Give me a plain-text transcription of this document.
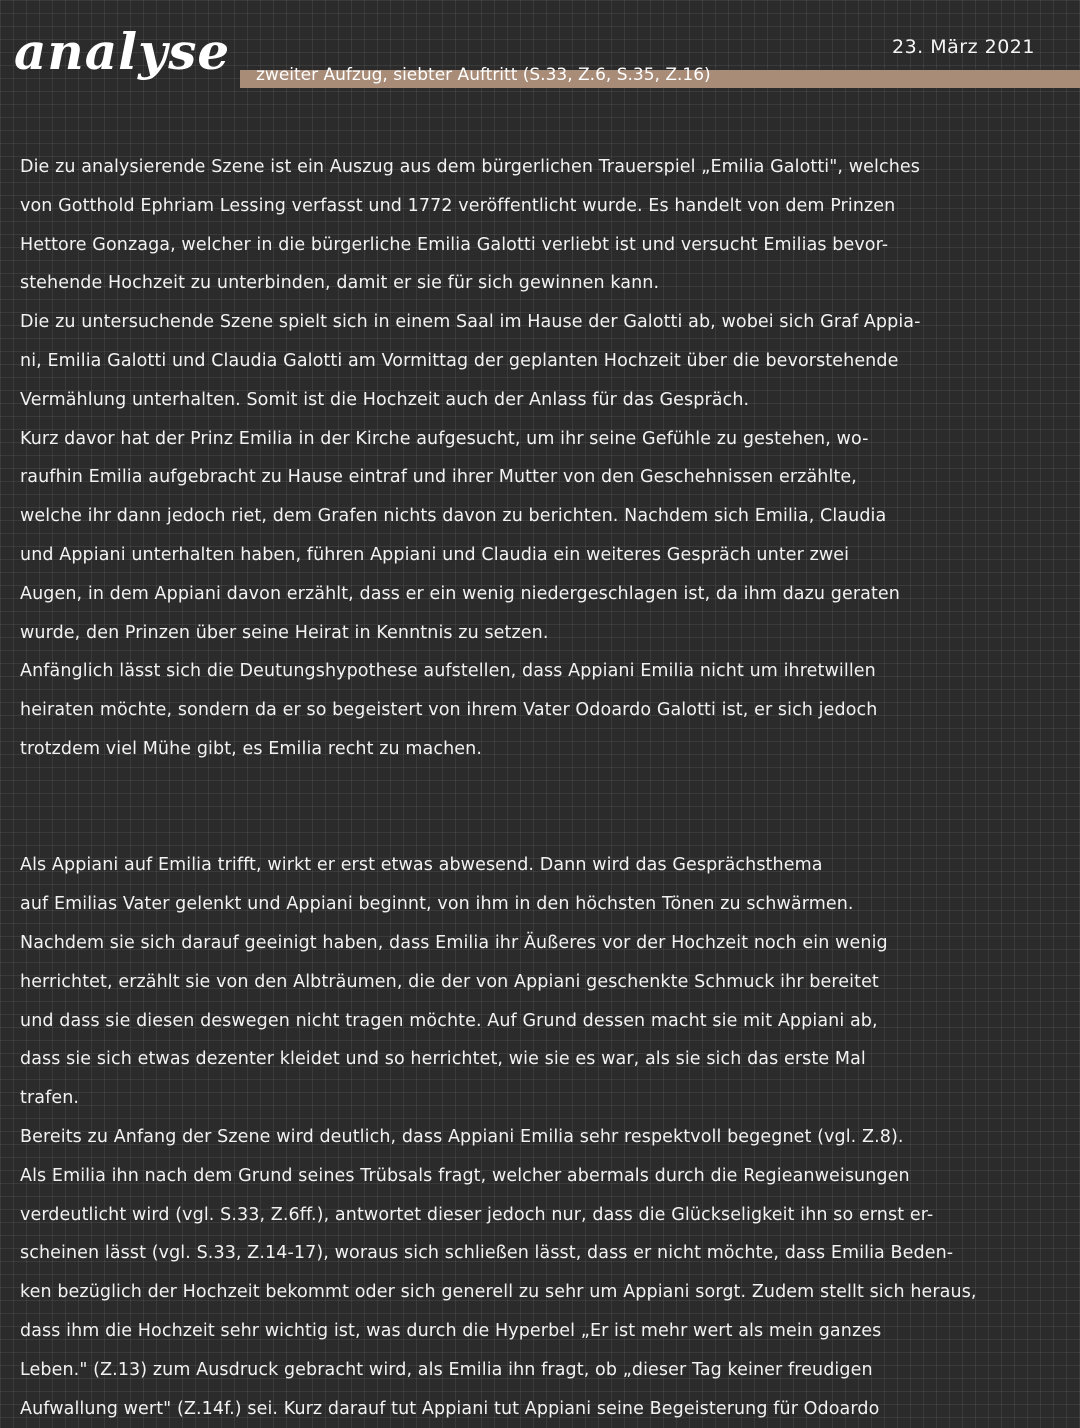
analyse zweiter Aufzug, siebter Auftritt (S.33, Z.6, S.35, Z.16)
23. März 2021
Die zu analysierende Szene ist ein Auszug aus dem bürgerlichen Trauerspiel „Emilia Galotti", welches
von Gotthold Ephriam Lessing verfasst und 1772 veröffentlicht wurde. Es handelt von dem Prinzen
Hettore Gonzaga, welcher in die bürgerliche Emilia Galotti verliebt ist und versucht Emilias bevor-
stehende Hochzeit zu unterbinden, damit er sie für sich gewinnen kann.
Die zu untersuchende Szene spielt sich in einem Saal im Hause der Galotti ab, wobei sich Graf Appia-
ni, Emilia Galotti und Claudia Galotti am Vormittag der geplanten Hochzeit über die bevorstehende
Vermählung unterhalten. Somit ist die Hochzeit auch der Anlass für das Gespräch.
Kurz davor hat der Prinz Emilia in der Kirche aufgesucht, um ihr seine Gefühle zu gestehen, wo-
raufhin Emilia aufgebracht zu Hause eintraf und ihrer Mutter von den Geschehnissen erzählte,
welche ihr dann jedoch riet, dem Grafen nichts davon zu berichten. Nachdem sich Emilia, Claudia
und Appiani unterhalten haben, führen Appiani und Claudia ein weiteres Gespräch unter zwei
Augen, in dem Appiani davon erzählt, dass er ein wenig niedergeschlagen ist, da ihm dazu geraten
wurde, den Prinzen über seine Heirat in Kenntnis zu setzen.
Anfänglich lässt sich die Deutungshypothese aufstellen, dass Appiani Emilia nicht um ihretwillen
heiraten möchte, sondern da er so begeistert von ihrem Vater Odoardo Galotti ist, er sich jedoch
trotzdem viel Mühe gibt, es Emilia recht zu machen.
Als Appiani auf Emilia trifft, wirkt er erst etwas abwesend. Dann wird das Gesprächsthema
auf Emilias Vater gelenkt und Appiani beginnt, von ihm in den höchsten Tönen zu schwärmen.
Nachdem sie sich darauf geeinigt haben, dass Emilia ihr Äußeres vor der Hochzeit noch ein wenig
herrichtet, erzählt sie von den Albträumen, die der von Appiani geschenkte Schmuck ihr bereitet
und dass sie diesen deswegen nicht tragen möchte. Auf Grund dessen macht sie mit Appiani ab,
dass sie sich etwas dezenter kleidet und so herrichtet, wie sie es war, als sie sich das erste Mal
trafen.
Bereits zu Anfang der Szene wird deutlich, dass Appiani Emilia sehr respektvoll begegnet (vgl. Z.8).
Als Emilia ihn nach dem Grund seines Trübsals fragt, welcher abermals durch die Regieanweisungen
verdeutlicht wird (vgl. S.33, Z.6ff.), antwortet dieser jedoch nur, dass die Glückseligkeit ihn so ernst er-
scheinen lässt (vgl. S.33, Z.14-17), woraus sich schließen lässt, dass er nicht möchte, dass Emilia Beden-
ken bezüglich der Hochzeit bekommt oder sich generell zu sehr um Appiani sorgt. Zudem stellt sich heraus,
dass ihm die Hochzeit sehr wichtig ist, was durch die Hyperbel „Er ist mehr wert als mein ganzes
Leben." (Z.13) zum Ausdruck gebracht wird, als Emilia ihn fragt, ob „dieser Tag keiner freudigen
Aufwallung wert" (Z.14f.) sei. Kurz darauf tut Appiani tut Appiani seine Begeisterung für Odoardo
